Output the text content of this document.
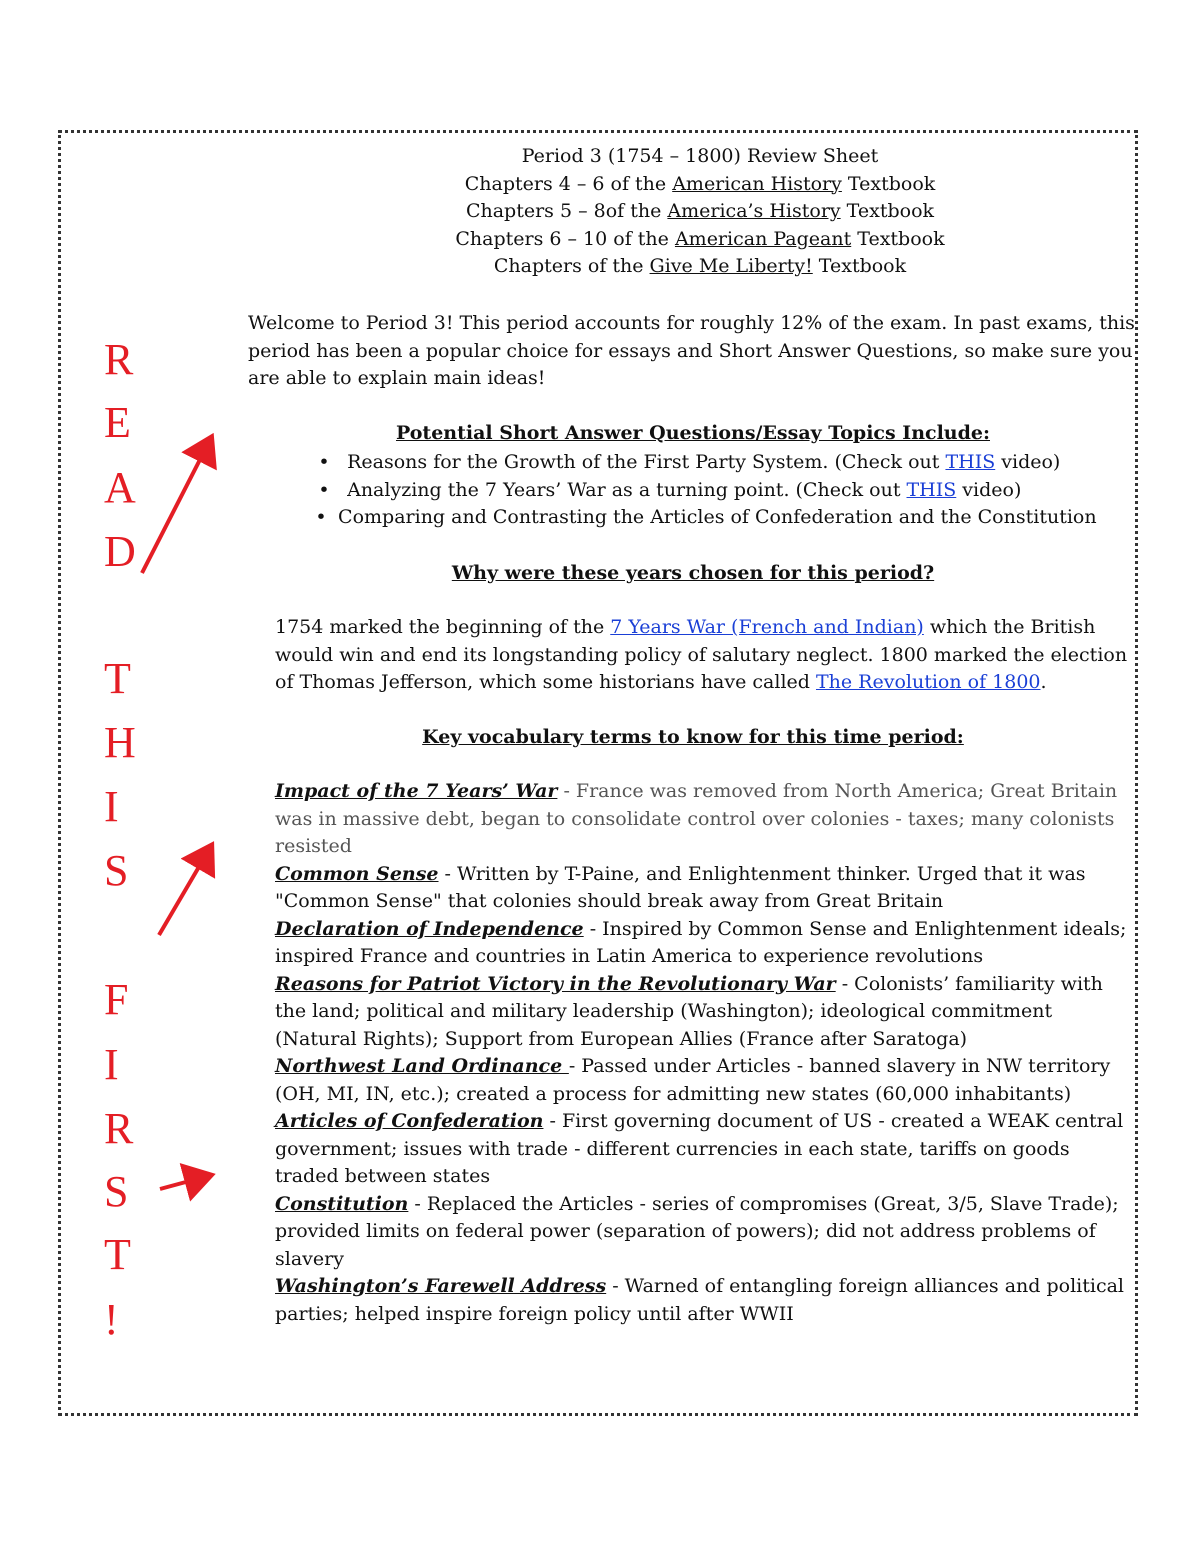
R
E
A
D
T
H
I
S
F
I
R
S
T
!
Period 3 (1754 – 1800) Review Sheet
Chapters 4 – 6 of the American History Textbook
Chapters 5 – 8of the America’s History Textbook
Chapters 6 – 10 of the American Pageant Textbook
Chapters of the Give Me Liberty! Textbook

Welcome to Period 3! This period accounts for roughly 12% of the exam. In past exams, this period has been a popular choice for essays and Short Answer Questions, so make sure you are able to explain main ideas!

Potential Short Answer Questions/Essay Topics Include:

• Reasons for the Growth of the First Party System. (Check out THIS video)
• Analyzing the 7 Years’ War as a turning point. (Check out THIS video)
• Comparing and Contrasting the Articles of Confederation and the Constitution

Why were these years chosen for this period?

1754 marked the beginning of the 7 Years War (French and Indian) which the British would win and end its longstanding policy of salutary neglect. 1800 marked the election of Thomas Jefferson, which some historians have called The Revolution of 1800.

Key vocabulary terms to know for this time period:

Impact of the 7 Years’ War - France was removed from North America; Great Britain was in massive debt, began to consolidate control over colonies - taxes; many colonists resisted

Common Sense - Written by T-Paine, and Enlightenment thinker. Urged that it was "Common Sense" that colonies should break away from Great Britain

Declaration of Independence - Inspired by Common Sense and Enlightenment ideals; inspired France and countries in Latin America to experience revolutions

Reasons for Patriot Victory in the Revolutionary War - Colonists’ familiarity with the land; political and military leadership (Washington); ideological commitment (Natural Rights); Support from European Allies (France after Saratoga)

Northwest Land Ordinance - Passed under Articles - banned slavery in NW territory (OH, MI, IN, etc.); created a process for admitting new states (60,000 inhabitants)

Articles of Confederation - First governing document of US - created a WEAK central government; issues with trade - different currencies in each state, tariffs on goods traded between states

Constitution - Replaced the Articles - series of compromises (Great, 3/5, Slave Trade); provided limits on federal power (separation of powers); did not address problems of slavery

Washington’s Farewell Address - Warned of entangling foreign alliances and political parties; helped inspire foreign policy until after WWII
